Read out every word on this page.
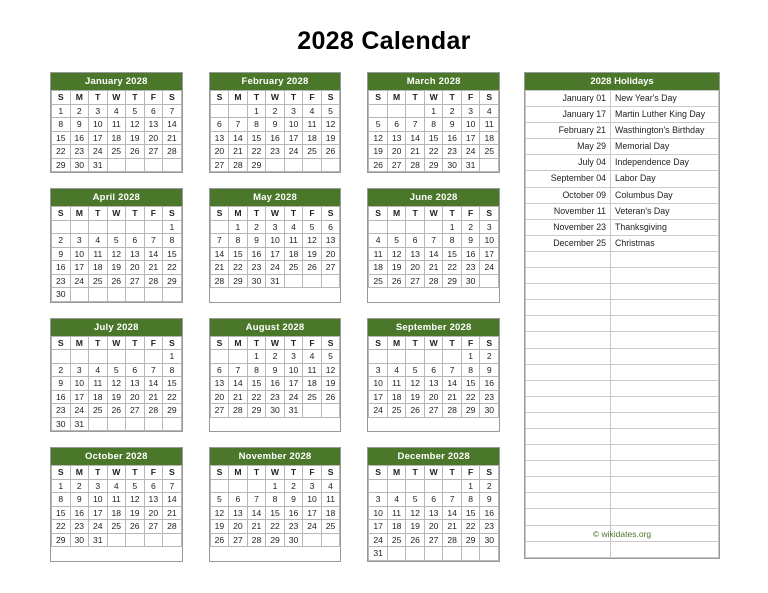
2028 Calendar
January 2028
S	M	T	W	T	F	S
1	2	3	4	5	6	7
8	9	10	11	12	13	14
15	16	17	18	19	20	21
22	23	24	25	26	27	28
29	30	31				
February 2028
S	M	T	W	T	F	S
		1	2	3	4	5
6	7	8	9	10	11	12
13	14	15	16	17	18	19
20	21	22	23	24	25	26
27	28	29				
March 2028
S	M	T	W	T	F	S
			1	2	3	4
5	6	7	8	9	10	11
12	13	14	15	16	17	18
19	20	21	22	23	24	25
26	27	28	29	30	31	
April 2028
S	M	T	W	T	F	S
						1
2	3	4	5	6	7	8
9	10	11	12	13	14	15
16	17	18	19	20	21	22
23	24	25	26	27	28	29
30						
May 2028
S	M	T	W	T	F	S
	1	2	3	4	5	6
7	8	9	10	11	12	13
14	15	16	17	18	19	20
21	22	23	24	25	26	27
28	29	30	31			
June 2028
S	M	T	W	T	F	S
				1	2	3
4	5	6	7	8	9	10
11	12	13	14	15	16	17
18	19	20	21	22	23	24
25	26	27	28	29	30	
July 2028
S	M	T	W	T	F	S
						1
2	3	4	5	6	7	8
9	10	11	12	13	14	15
16	17	18	19	20	21	22
23	24	25	26	27	28	29
30	31					
August 2028
S	M	T	W	T	F	S
		1	2	3	4	5
6	7	8	9	10	11	12
13	14	15	16	17	18	19
20	21	22	23	24	25	26
27	28	29	30	31		
September 2028
S	M	T	W	T	F	S
					1	2
3	4	5	6	7	8	9
10	11	12	13	14	15	16
17	18	19	20	21	22	23
24	25	26	27	28	29	30
October 2028
S	M	T	W	T	F	S
1	2	3	4	5	6	7
8	9	10	11	12	13	14
15	16	17	18	19	20	21
22	23	24	25	26	27	28
29	30	31				
November 2028
S	M	T	W	T	F	S
			1	2	3	4
5	6	7	8	9	10	11
12	13	14	15	16	17	18
19	20	21	22	23	24	25
26	27	28	29	30		
December 2028
S	M	T	W	T	F	S
					1	2
3	4	5	6	7	8	9
10	11	12	13	14	15	16
17	18	19	20	21	22	23
24	25	26	27	28	29	30
31						
2028 Holidays
January 01	New Year's Day
January 17	Martin Luther King Day
February 21	Wasthington's Birthday
May 29	Memorial Day
July 04	Independence Day
September 04	Labor Day
October 09	Columbus Day
November 11	Veteran's Day
November 23	Thanksgiving
December 25	Christmas

© wikidates.org
